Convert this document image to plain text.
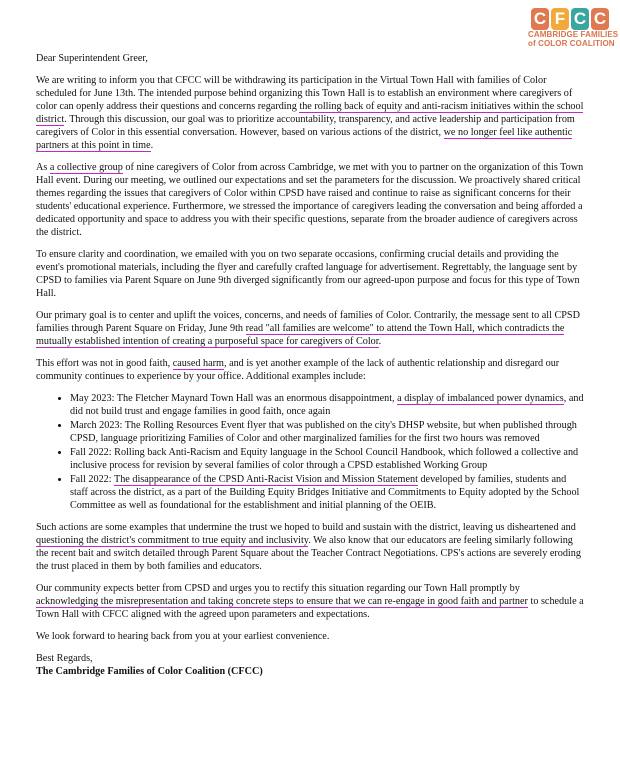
C F C C
CAMBRIDGE FAMILIES
of COLOR COALITION

Dear Superintendent Greer,

We are writing to inform you that CFCC will be withdrawing its participation in the Virtual Town Hall with families of Color scheduled for June 13th. The intended purpose behind organizing this Town Hall is to establish an environment where caregivers of color can openly address their questions and concerns regarding the rolling back of equity and anti-racism initiatives within the school district. Through this discussion, our goal was to prioritize accountability, transparency, and active leadership and participation from caregivers of Color in this essential conversation. However, based on various actions of the district, we no longer feel like authentic partners at this point in time.

As a collective group of nine caregivers of Color from across Cambridge, we met with you to partner on the organization of this Town Hall event. During our meeting, we outlined our expectations and set the parameters for the discussion. We proactively shared critical themes regarding the issues that caregivers of Color within CPSD have raised and continue to raise as significant concerns for their students' educational experience. Furthermore, we stressed the importance of caregivers leading the conversation and being afforded a dedicated opportunity and space to address you with their specific questions, separate from the broader audience of caregivers across the district.

To ensure clarity and coordination, we emailed with you on two separate occasions, confirming crucial details and providing the event's promotional materials, including the flyer and carefully crafted language for advertisement. Regrettably, the language sent by CPSD to families via Parent Square on June 9th diverged significantly from our agreed-upon purpose and focus for this type of Town Hall.

Our primary goal is to center and uplift the voices, concerns, and needs of families of Color. Contrarily, the message sent to all CPSD families through Parent Square on Friday, June 9th read "all families are welcome" to attend the Town Hall, which contradicts the mutually established intention of creating a purposeful space for caregivers of Color.

This effort was not in good faith, caused harm, and is yet another example of the lack of authentic relationship and disregard our community continues to experience by your office. Additional examples include:

• May 2023: The Fletcher Maynard Town Hall was an enormous disappointment, a display of imbalanced power dynamics, and did not build trust and engage families in good faith, once again
• March 2023: The Rolling Resources Event flyer that was published on the city's DHSP website, but when published through CPSD, language prioritizing Families of Color and other marginalized families for the first two hours was removed
• Fall 2022: Rolling back Anti-Racism and Equity language in the School Council Handbook, which followed a collective and inclusive process for revision by several families of color through a CPSD established Working Group
• Fall 2022: The disappearance of the CPSD Anti-Racist Vision and Mission Statement developed by families, students and staff across the district, as a part of the Building Equity Bridges Initiative and Commitments to Equity adopted by the School Committee as well as foundational for the establishment and initial planning of the OEIB.

Such actions are some examples that undermine the trust we hoped to build and sustain with the district, leaving us disheartened and questioning the district's commitment to true equity and inclusivity. We also know that our educators are feeling similarly following the recent bait and switch detailed through Parent Square about the Teacher Contract Negotiations. CPS's actions are severely eroding the trust placed in them by both families and educators.

Our community expects better from CPSD and urges you to rectify this situation regarding our Town Hall promptly by acknowledging the misrepresentation and taking concrete steps to ensure that we can re-engage in good faith and partner to schedule a Town Hall with CFCC aligned with the agreed upon parameters and expectations.

We look forward to hearing back from you at your earliest convenience.

Best Regards,

The Cambridge Families of Color Coalition (CFCC)
